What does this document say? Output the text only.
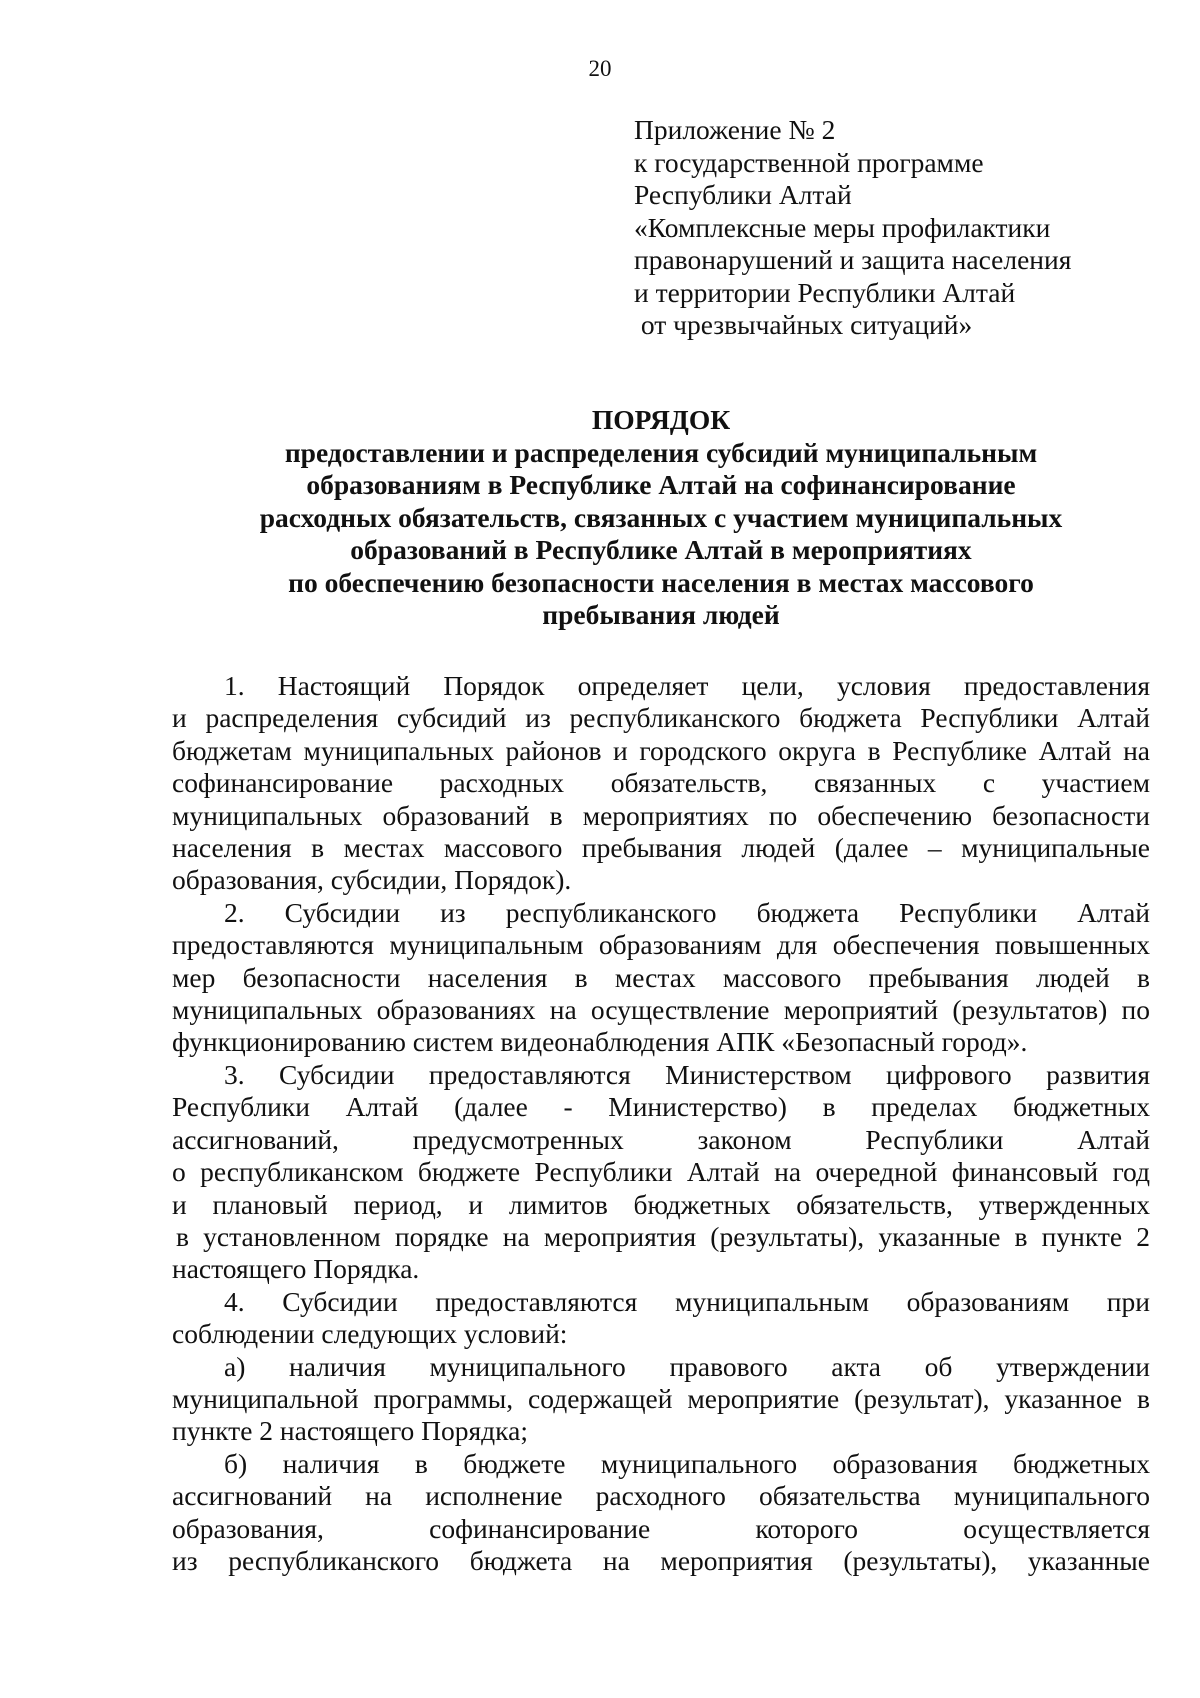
20
Приложение № 2
к государственной программе
Республики Алтай
«Комплексные меры профилактики
правонарушений и защита населения
и территории Республики Алтай
от чрезвычайных ситуаций»
ПОРЯДОК
предоставлении и распределения субсидий муниципальным
образованиям в Республике Алтай на софинансирование
расходных обязательств, связанных с участием муниципальных
образований в Республике Алтай в мероприятиях
по обеспечению безопасности населения в местах массового
пребывания людей
1. Настоящий Порядок определяет цели, условия предоставления
и распределения субсидий из республиканского бюджета Республики Алтай
бюджетам муниципальных районов и городского округа в Республике Алтай на
софинансирование расходных обязательств, связанных с участием
муниципальных образований в мероприятиях по обеспечению безопасности
населения в местах массового пребывания людей (далее – муниципальные
образования, субсидии, Порядок).
2. Субсидии из республиканского бюджета Республики Алтай
предоставляются муниципальным образованиям для обеспечения повышенных
мер безопасности населения в местах массового пребывания людей в
муниципальных образованиях на осуществление мероприятий (результатов) по
функционированию систем видеонаблюдения АПК «Безопасный город».
3. Субсидии предоставляются Министерством цифрового развития
Республики Алтай (далее - Министерство) в пределах бюджетных
ассигнований, предусмотренных законом Республики Алтай
о республиканском бюджете Республики Алтай на очередной финансовый год
и плановый период, и лимитов бюджетных обязательств, утвержденных
в установленном порядке на мероприятия (результаты), указанные в пункте 2
настоящего Порядка.
4. Субсидии предоставляются муниципальным образованиям при
соблюдении следующих условий:
а) наличия муниципального правового акта об утверждении
муниципальной программы, содержащей мероприятие (результат), указанное в
пункте 2 настоящего Порядка;
б) наличия в бюджете муниципального образования бюджетных
ассигнований на исполнение расходного обязательства муниципального
образования, софинансирование которого осуществляется
из республиканского бюджета на мероприятия (результаты), указанные
